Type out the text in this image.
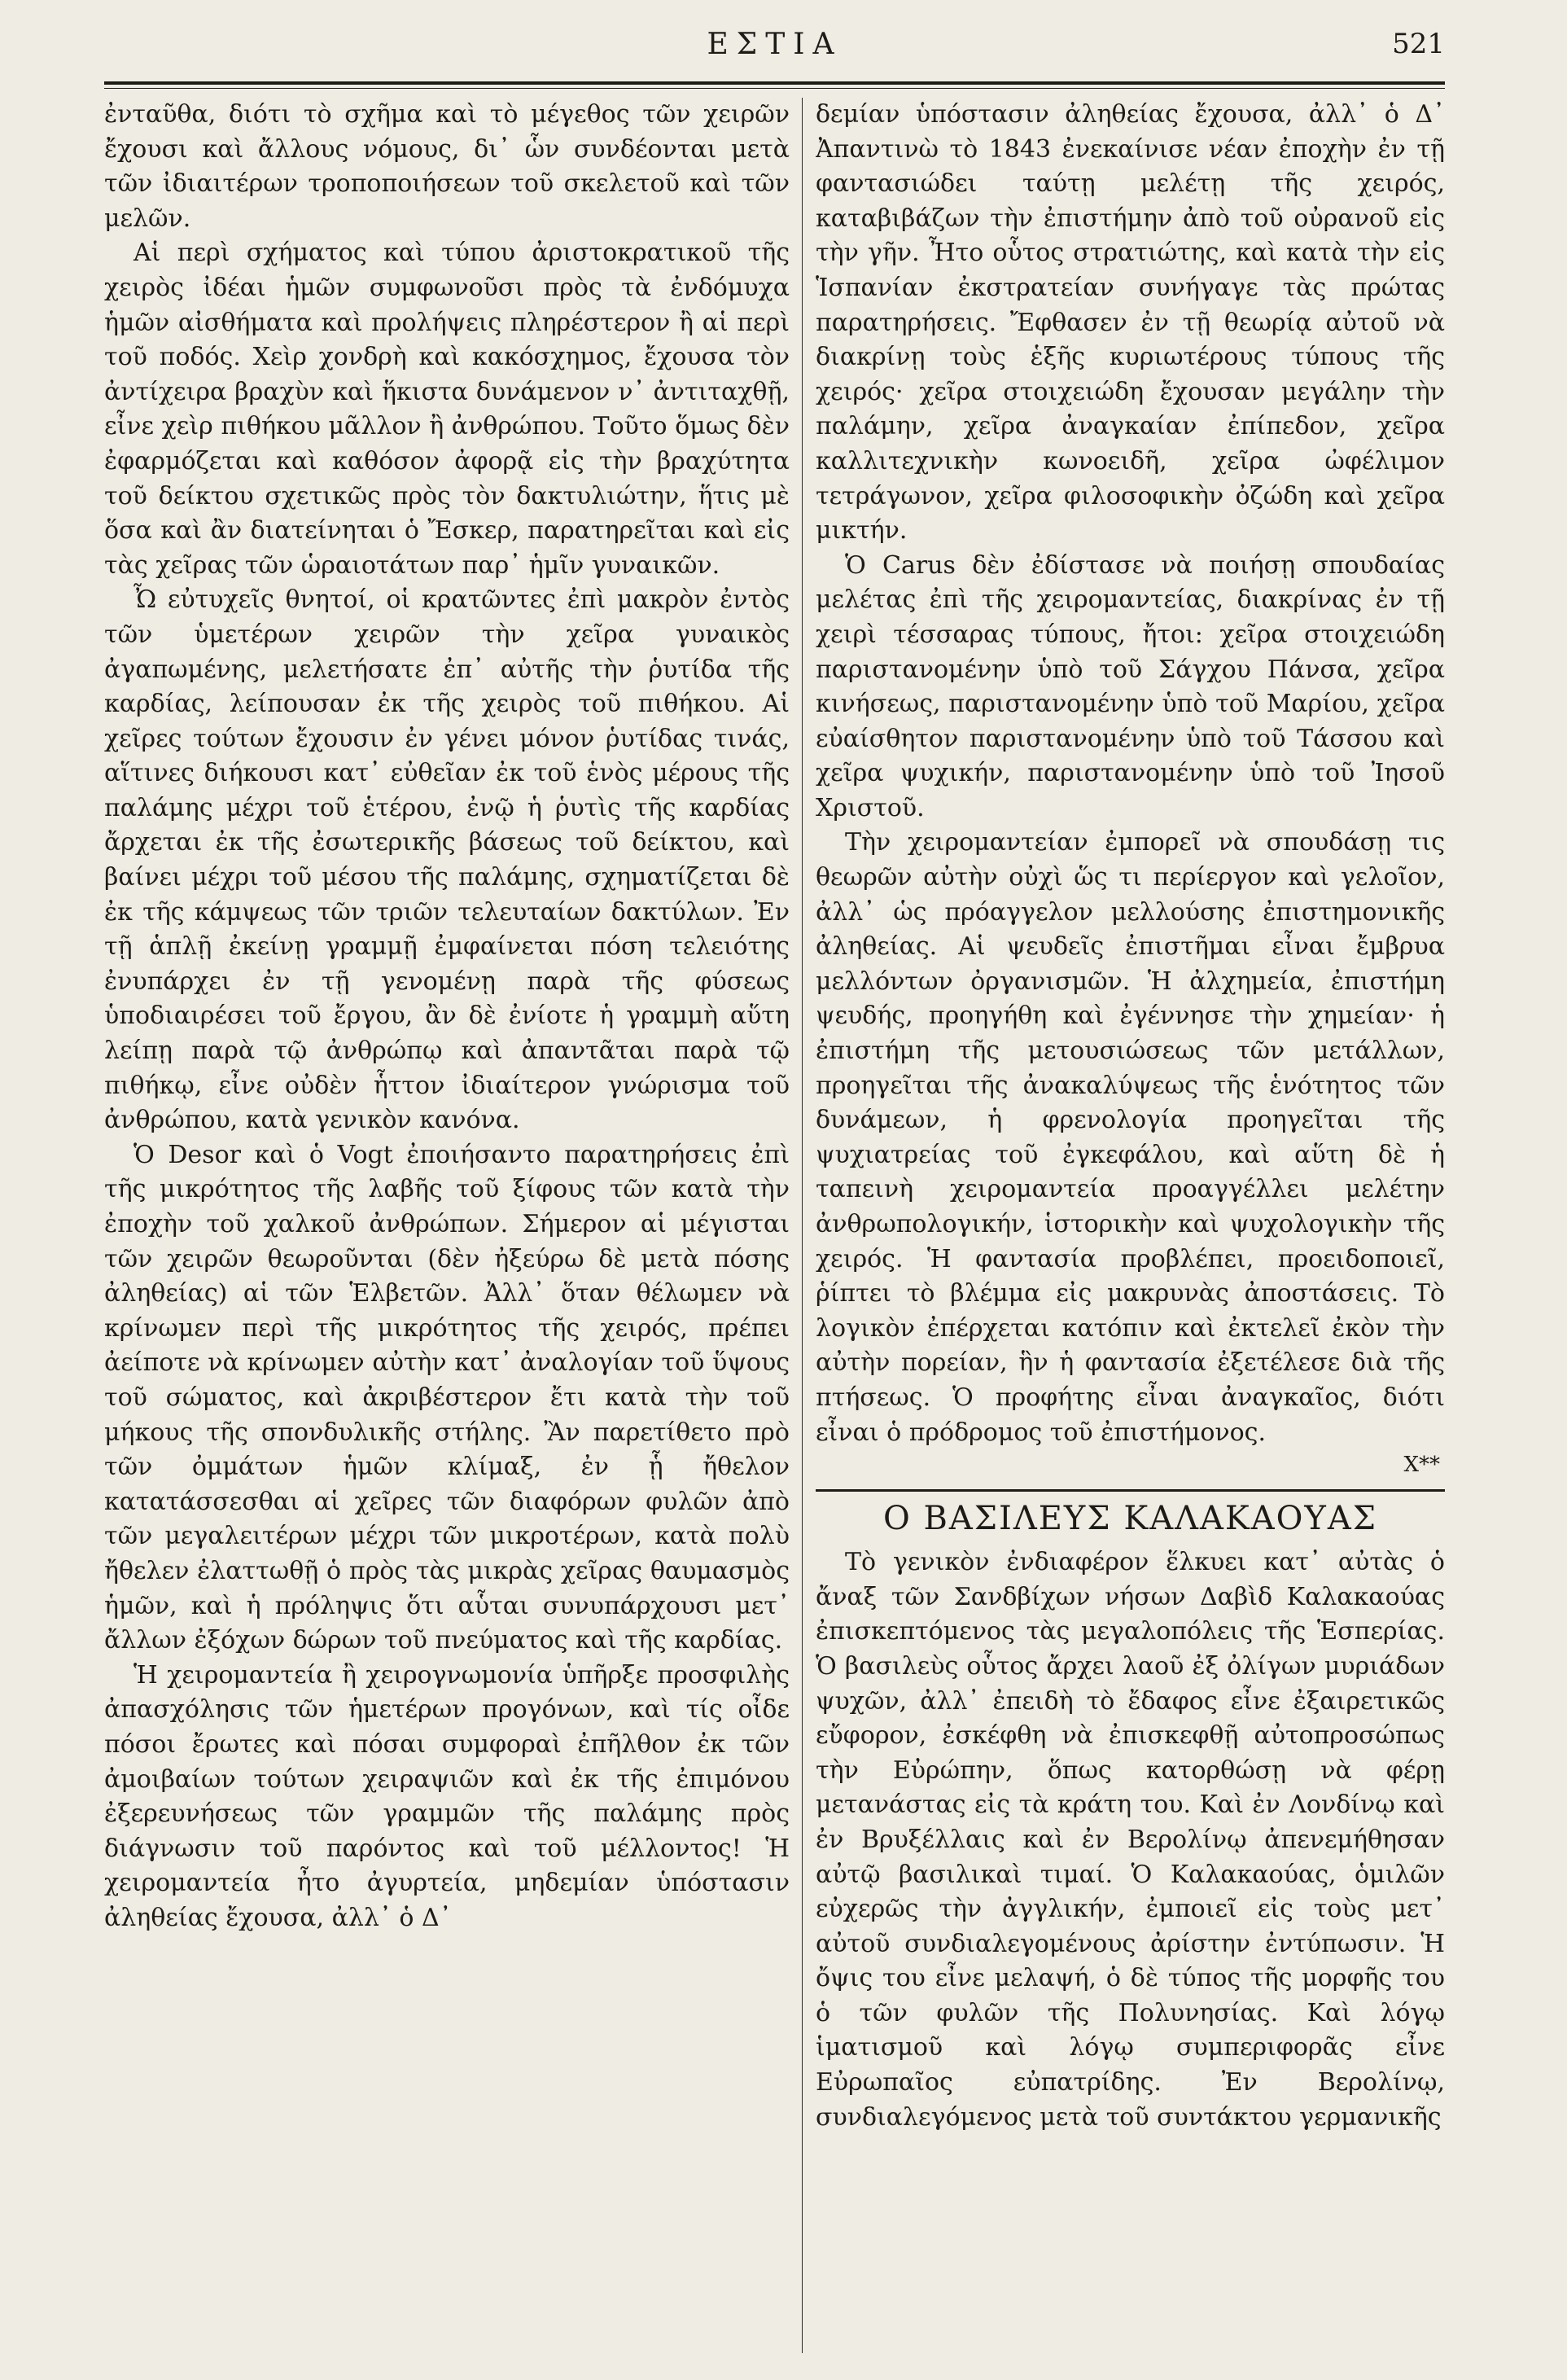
ΕΣΤΙΑ	521

ἐνταῦθα, διότι τὸ σχῆμα καὶ τὸ μέγεθος τῶν χειρῶν ἔχουσι καὶ ἄλλους νόμους, δι᾽ ὧν συνδέονται μετὰ τῶν ἰδιαιτέρων τροποποιήσεων τοῦ σκελετοῦ καὶ τῶν μελῶν.

Αἱ περὶ σχήματος καὶ τύπου ἀριστοκρατικοῦ τῆς χειρὸς ἰδέαι ἡμῶν συμφωνοῦσι πρὸς τὰ ἐνδόμυχα ἡμῶν αἰσθήματα καὶ προλήψεις πληρέστερον ἢ αἱ περὶ τοῦ ποδός. Χεὶρ χονδρὴ καὶ κακόσχημος, ἔχουσα τὸν ἀντίχειρα βραχὺν καὶ ἥκιστα δυνάμενον ν᾽ ἀντιταχθῇ, εἶνε χεὶρ πιθήκου μᾶλλον ἢ ἀνθρώπου. Τοῦτο ὅμως δὲν ἐφαρμόζεται καὶ καθόσον ἀφορᾷ εἰς τὴν βραχύτητα τοῦ δείκτου σχετικῶς πρὸς τὸν δακτυλιώτην, ἥτις μὲ ὅσα καὶ ἂν διατείνηται ὁ Ἔσκερ, παρατηρεῖται καὶ εἰς τὰς χεῖρας τῶν ὡραιοτάτων παρ᾽ ἡμῖν γυναικῶν.

Ὦ εὐτυχεῖς θνητοί, οἱ κρατῶντες ἐπὶ μακρὸν ἐντὸς τῶν ὑμετέρων χειρῶν τὴν χεῖρα γυναικὸς ἀγαπωμένης, μελετήσατε ἐπ᾽ αὐτῆς τὴν ῥυτίδα τῆς καρδίας, λείπουσαν ἐκ τῆς χειρὸς τοῦ πιθήκου. Αἱ χεῖρες τούτων ἔχουσιν ἐν γένει μόνον ῥυτίδας τινάς, αἵτινες διήκουσι κατ᾽ εὐθεῖαν ἐκ τοῦ ἑνὸς μέρους τῆς παλάμης μέχρι τοῦ ἑτέρου, ἐνῷ ἡ ῥυτὶς τῆς καρδίας ἄρχεται ἐκ τῆς ἐσωτερικῆς βάσεως τοῦ δείκτου, καὶ βαίνει μέχρι τοῦ μέσου τῆς παλάμης, σχηματίζεται δὲ ἐκ τῆς κάμψεως τῶν τριῶν τελευταίων δακτύλων. Ἐν τῇ ἁπλῇ ἐκείνῃ γραμμῇ ἐμφαίνεται πόση τελειότης ἐνυπάρχει ἐν τῇ γενομένῃ παρὰ τῆς φύσεως ὑποδιαιρέσει τοῦ ἔργου, ἂν δὲ ἐνίοτε ἡ γραμμὴ αὕτη λείπῃ παρὰ τῷ ἀνθρώπῳ καὶ ἀπαντᾶται παρὰ τῷ πιθήκῳ, εἶνε οὐδὲν ἧττον ἰδιαίτερον γνώρισμα τοῦ ἀνθρώπου, κατὰ γενικὸν κανόνα.

Ὁ Desor καὶ ὁ Vogt ἐποιήσαντο παρατηρήσεις ἐπὶ τῆς μικρότητος τῆς λαβῆς τοῦ ξίφους τῶν κατὰ τὴν ἐποχὴν τοῦ χαλκοῦ ἀνθρώπων. Σήμερον αἱ μέγισται τῶν χειρῶν θεωροῦνται (δὲν ἠξεύρω δὲ μετὰ πόσης ἀληθείας) αἱ τῶν Ἑλβετῶν. Ἀλλ᾽ ὅταν θέλωμεν νὰ κρίνωμεν περὶ τῆς μικρότητος τῆς χειρός, πρέπει ἀείποτε νὰ κρίνωμεν αὐτὴν κατ᾽ ἀναλογίαν τοῦ ὕψους τοῦ σώματος, καὶ ἀκριβέστερον ἔτι κατὰ τὴν τοῦ μήκους τῆς σπονδυλικῆς στήλης. Ἂν παρετίθετο πρὸ τῶν ὀμμάτων ἡμῶν κλίμαξ, ἐν ᾗ ἤθελον κατατάσσεσθαι αἱ χεῖρες τῶν διαφόρων φυλῶν ἀπὸ τῶν μεγαλειτέρων μέχρι τῶν μικροτέρων, κατὰ πολὺ ἤθελεν ἐλαττωθῇ ὁ πρὸς τὰς μικρὰς χεῖρας θαυμασμὸς ἡμῶν, καὶ ἡ πρόληψις ὅτι αὗται συνυπάρχουσι μετ᾽ ἄλλων ἐξόχων δώρων τοῦ πνεύματος καὶ τῆς καρδίας.

Ἡ χειρομαντεία ἢ χειρογνωμονία ὑπῆρξε προσφιλὴς ἀπασχόλησις τῶν ἡμετέρων προγόνων, καὶ τίς οἶδε πόσοι ἔρωτες καὶ πόσαι συμφοραὶ ἐπῆλθον ἐκ τῶν ἀμοιβαίων τούτων χειραψιῶν καὶ ἐκ τῆς ἐπιμόνου ἐξερευνήσεως τῶν γραμμῶν τῆς παλάμης πρὸς διάγνωσιν τοῦ παρόντος καὶ τοῦ μέλλοντος! Ἡ χειρομαντεία ἦτο ἀγυρτεία, μηδεμίαν ὑπόστασιν ἀληθείας ἔχουσα, ἀλλ᾽ ὁ Δ᾽

δεμίαν ὑπόστασιν ἀληθείας ἔχουσα, ἀλλ᾽ ὁ Δ᾽ Ἀπαντινὼ τὸ 1843 ἐνεκαίνισε νέαν ἐποχὴν ἐν τῇ φαντασιώδει ταύτῃ μελέτῃ τῆς χειρός, καταβιβάζων τὴν ἐπιστήμην ἀπὸ τοῦ οὐρανοῦ εἰς τὴν γῆν. Ἦτο οὗτος στρατιώτης, καὶ κατὰ τὴν εἰς Ἱσπανίαν ἐκστρατείαν συνήγαγε τὰς πρώτας παρατηρήσεις. Ἔφθασεν ἐν τῇ θεωρίᾳ αὐτοῦ νὰ διακρίνῃ τοὺς ἑξῆς κυριωτέρους τύπους τῆς χειρός· χεῖρα στοιχειώδη ἔχουσαν μεγάλην τὴν παλάμην, χεῖρα ἀναγκαίαν ἐπίπεδον, χεῖρα καλλιτεχνικὴν κωνοειδῆ, χεῖρα ὠφέλιμον τετράγωνον, χεῖρα φιλοσοφικὴν ὀζώδη καὶ χεῖρα μικτήν.

Ὁ Carus δὲν ἐδίστασε νὰ ποιήσῃ σπουδαίας μελέτας ἐπὶ τῆς χειρομαντείας, διακρίνας ἐν τῇ χειρὶ τέσσαρας τύπους, ἤτοι: χεῖρα στοιχειώδη παριστανομένην ὑπὸ τοῦ Σάγχου Πάνσα, χεῖρα κινήσεως, παριστανομένην ὑπὸ τοῦ Μαρίου, χεῖρα εὐαίσθητον παριστανομένην ὑπὸ τοῦ Τάσσου καὶ χεῖρα ψυχικήν, παριστανομένην ὑπὸ τοῦ Ἰησοῦ Χριστοῦ.

Τὴν χειρομαντείαν ἐμπορεῖ νὰ σπουδάσῃ τις θεωρῶν αὐτὴν οὐχὶ ὥς τι περίεργον καὶ γελοῖον, ἀλλ᾽ ὡς πρόαγγελον μελλούσης ἐπιστημονικῆς ἀληθείας. Αἱ ψευδεῖς ἐπιστῆμαι εἶναι ἔμβρυα μελλόντων ὀργανισμῶν. Ἡ ἀλχημεία, ἐπιστήμη ψευδής, προηγήθη καὶ ἐγέννησε τὴν χημείαν· ἡ ἐπιστήμη τῆς μετουσιώσεως τῶν μετάλλων, προηγεῖται τῆς ἀνακαλύψεως τῆς ἑνότητος τῶν δυνάμεων, ἡ φρενολογία προηγεῖται τῆς ψυχιατρείας τοῦ ἐγκεφάλου, καὶ αὕτη δὲ ἡ ταπεινὴ χειρομαντεία προαγγέλλει μελέτην ἀνθρωπολογικήν, ἱστορικὴν καὶ ψυχολογικὴν τῆς χειρός. Ἡ φαντασία προβλέπει, προειδοποιεῖ, ῥίπτει τὸ βλέμμα εἰς μακρυνὰς ἀποστάσεις. Τὸ λογικὸν ἐπέρχεται κατόπιν καὶ ἐκτελεῖ ἐκὸν τὴν αὐτὴν πορείαν, ἣν ἡ φαντασία ἐξετέλεσε διὰ τῆς πτήσεως. Ὁ προφήτης εἶναι ἀναγκαῖος, διότι εἶναι ὁ πρόδρομος τοῦ ἐπιστήμονος.

X**
Ο ΒΑΣΙΛΕΥΣ ΚΑΛΑΚΑΟΥΑΣ

Τὸ γενικὸν ἐνδιαφέρον ἕλκυει κατ᾽ αὐτὰς ὁ ἄναξ τῶν Σανδβίχων νήσων Δαβὶδ Καλακαούας ἐπισκεπτόμενος τὰς μεγαλοπόλεις τῆς Ἑσπερίας. Ὁ βασιλεὺς οὗτος ἄρχει λαοῦ ἐξ ὀλίγων μυριάδων ψυχῶν, ἀλλ᾽ ἐπειδὴ τὸ ἔδαφος εἶνε ἐξαιρετικῶς εὔφορον, ἐσκέφθη νὰ ἐπισκεφθῇ αὐτοπροσώπως τὴν Εὐρώπην, ὅπως κατορθώσῃ νὰ φέρῃ μετανάστας εἰς τὰ κράτη του. Καὶ ἐν Λονδίνῳ καὶ ἐν Βρυξέλλαις καὶ ἐν Βερολίνῳ ἀπενεμήθησαν αὐτῷ βασιλικαὶ τιμαί. Ὁ Καλακαούας, ὁμιλῶν εὐχερῶς τὴν ἀγγλικήν, ἐμποιεῖ εἰς τοὺς μετ᾽ αὐτοῦ συνδιαλεγομένους ἀρίστην ἐντύπωσιν. Ἡ ὄψις του εἶνε μελαψή, ὁ δὲ τύπος τῆς μορφῆς του ὁ τῶν φυλῶν τῆς Πολυνησίας. Καὶ λόγῳ ἱματισμοῦ καὶ λόγῳ συμπεριφορᾶς εἶνε Εὐρωπαῖος εὐπατρίδης. Ἐν Βερολίνῳ, συνδιαλεγόμενος μετὰ τοῦ συντάκτου γερμανικῆς
